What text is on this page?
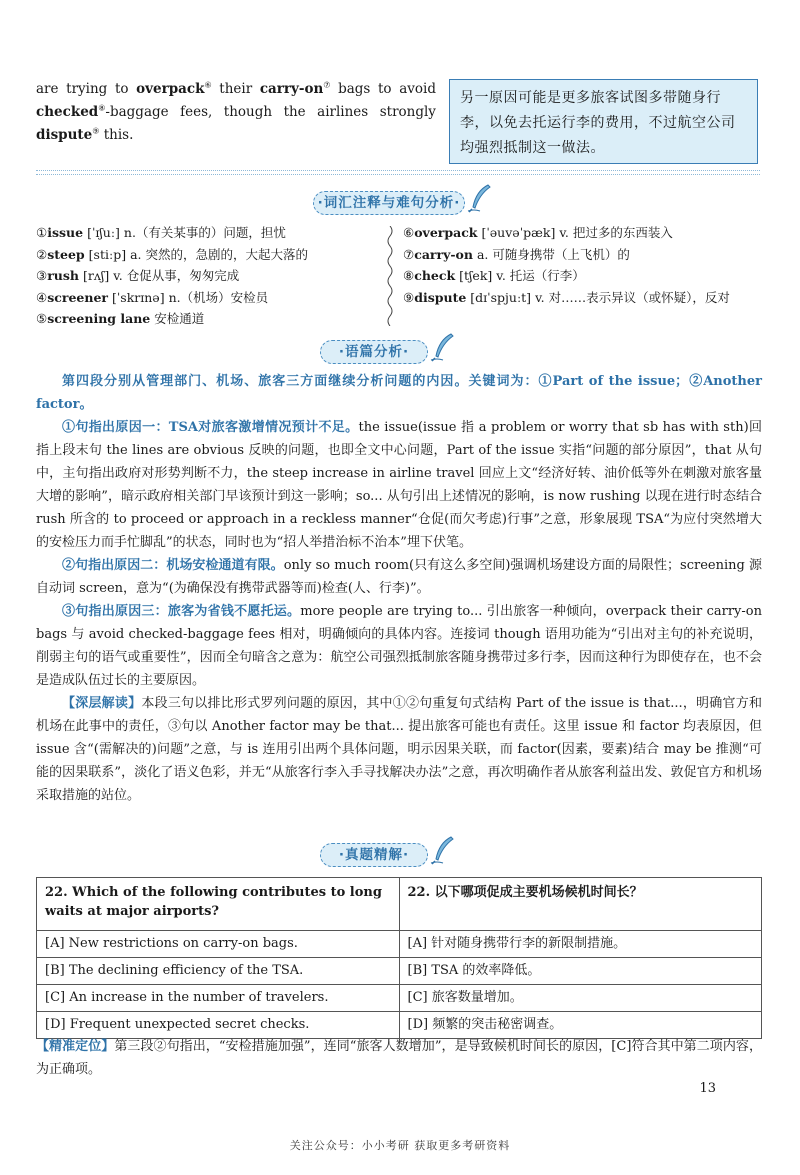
are trying to overpack⑥ their carry-on⑦ bags to avoid
checked⑧-baggage fees, though the airlines strongly
dispute⑨ this.
另一原因可能是更多旅客试图多带随身行李，以免去托运行李的费用，不过航空公司均强烈抵制这一做法。
·词汇注释与难句分析·
①issue [ˈɪʃuː] n.（有关某事的）问题，担忧
②steep [stiːp] a. 突然的，急剧的，大起大落的
③rush [rʌʃ] v. 仓促从事，匆匆完成
④screener [ˈskrɪnə] n.（机场）安检员
⑤screening lane 安检通道
⑥overpack [ˈəuvəˈpæk] v. 把过多的东西装入
⑦carry-on a. 可随身携带（上飞机）的
⑧check [tʃek] v. 托运（行李）
⑨dispute [dɪˈspjuːt] v. 对……表示异议（或怀疑），反对
·语篇分析·

第四段分别从管理部门、机场、旅客三方面继续分析问题的内因。关键词为：①Part of the issue；②Another factor。

①句指出原因一：TSA对旅客激增情况预计不足。the issue(issue 指 a problem or worry that sb has with sth)回指上段末句 the lines are obvious 反映的问题，也即全文中心问题，Part of the issue 实指“问题的部分原因”，that 从句中，主句指出政府对形势判断不力，the steep increase in airline travel 回应上文“经济好转、油价低等外在刺激对旅客量大增的影响”，暗示政府相关部门早该预计到这一影响；so... 从句引出上述情况的影响，is now rushing 以现在进行时态结合 rush 所含的 to proceed or approach in a reckless manner“仓促(而欠考虑)行事”之意，形象展现 TSA“为应付突然增大的安检压力而手忙脚乱”的状态，同时也为“招人举措治标不治本”埋下伏笔。

②句指出原因二：机场安检通道有限。only so much room(只有这么多空间)强调机场建设方面的局限性；screening 源自动词 screen，意为“(为确保没有携带武器等而)检查(人、行李)”。

③句指出原因三：旅客为省钱不愿托运。more people are trying to... 引出旅客一种倾向，overpack their carry-on bags 与 avoid checked-baggage fees 相对，明确倾向的具体内容。连接词 though 语用功能为“引出对主句的补充说明，削弱主句的语气或重要性”，因而全句暗含之意为：航空公司强烈抵制旅客随身携带过多行李，因而这种行为即使存在，也不会是造成队伍过长的主要原因。

【深层解读】本段三句以排比形式罗列问题的原因，其中①②句重复句式结构 Part of the issue is that...，明确官方和机场在此事中的责任，③句以 Another factor may be that... 提出旅客可能也有责任。这里 issue 和 factor 均表原因，但 issue 含“(需解决的)问题”之意，与 is 连用引出两个具体问题，明示因果关联，而 factor(因素，要素)结合 may be 推测“可能的因果联系”，淡化了语义色彩，并无“从旅客行李入手寻找解决办法”之意，再次明确作者从旅客利益出发、敦促官方和机场采取措施的站位。

·真题精解·
22. Which of the following contributes to long waits at major airports?	22. 以下哪项促成主要机场候机时间长？
[A] New restrictions on carry-on bags.	[A] 针对随身携带行李的新限制措施。
[B] The declining efficiency of the TSA.	[B] TSA 的效率降低。
[C] An increase in the number of travelers.	[C] 旅客数量增加。
[D] Frequent unexpected secret checks.	[D] 频繁的突击秘密调查。
【精准定位】第三段②句指出，“安检措施加强”，连同“旅客人数增加”，是导致候机时间长的原因，[C]符合其中第二项内容，为正确项。
13
关注公众号：小小考研 获取更多考研资料
